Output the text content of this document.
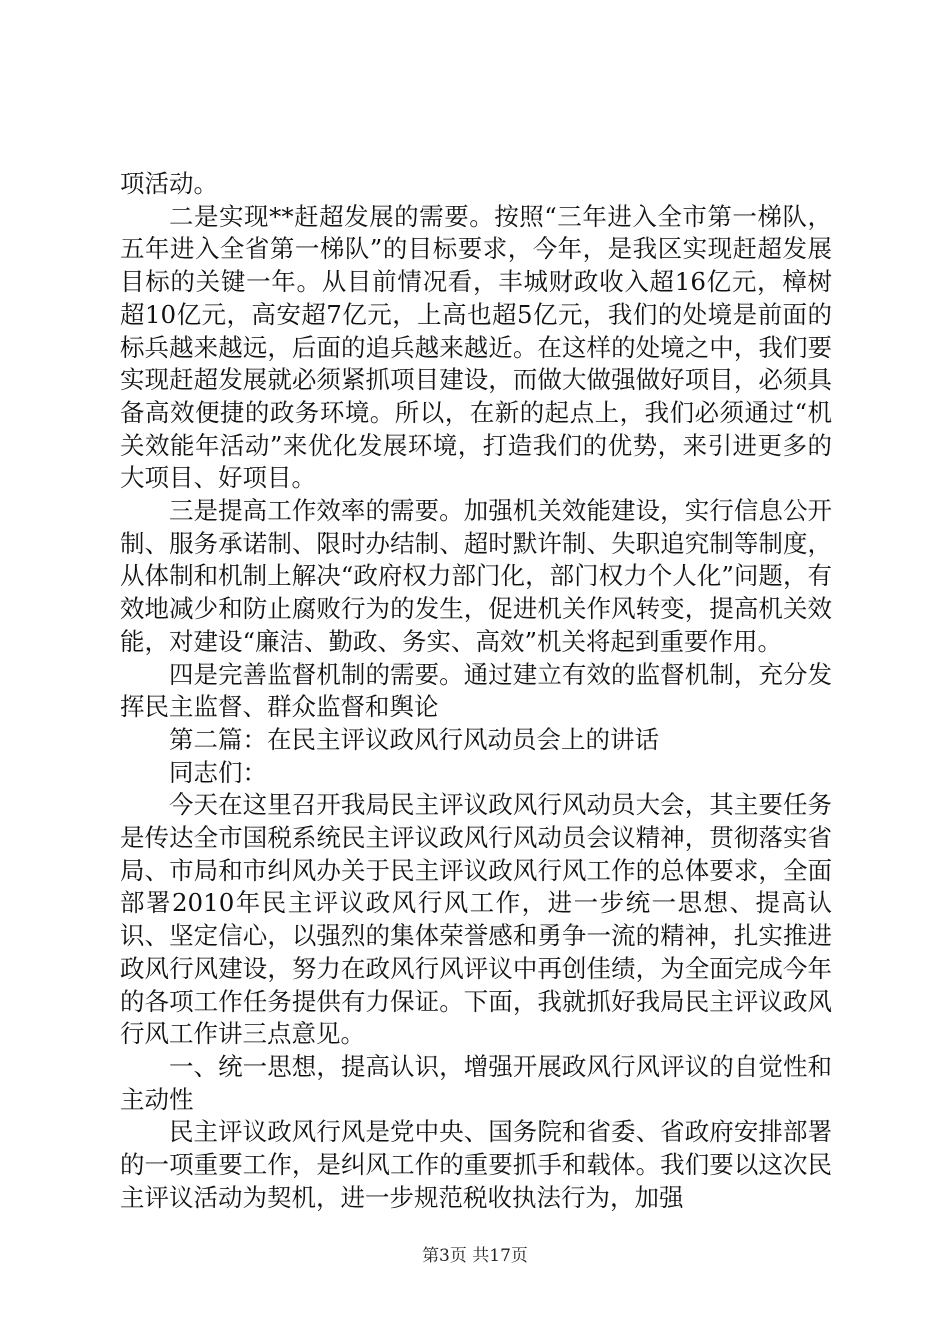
项活动。

二是实现**赶超发展的需要。按照“三年进入全市第一梯队，五年进入全省第一梯队”的目标要求，今年，是我区实现赶超发展目标的关键一年。从目前情况看，丰城财政收入超16亿元，樟树超10亿元，高安超7亿元，上高也超5亿元，我们的处境是前面的标兵越来越远，后面的追兵越来越近。在这样的处境之中，我们要实现赶超发展就必须紧抓项目建设，而做大做强做好项目，必须具备高效便捷的政务环境。所以，在新的起点上，我们必须通过“机关效能年活动”来优化发展环境，打造我们的优势，来引进更多的大项目、好项目。

三是提高工作效率的需要。加强机关效能建设，实行信息公开制、服务承诺制、限时办结制、超时默许制、失职追究制等制度，从体制和机制上解决“政府权力部门化，部门权力个人化”问题，有效地减少和防止腐败行为的发生，促进机关作风转变，提高机关效能，对建设“廉洁、勤政、务实、高效”机关将起到重要作用。

四是完善监督机制的需要。通过建立有效的监督机制，充分发挥民主监督、群众监督和舆论

第二篇：在民主评议政风行风动员会上的讲话

同志们：

今天在这里召开我局民主评议政风行风动员大会，其主要任务是传达全市国税系统民主评议政风行风动员会议精神，贯彻落实省局、市局和市纠风办关于民主评议政风行风工作的总体要求，全面部署2010年民主评议政风行风工作，进一步统一思想、提高认识、坚定信心，以强烈的集体荣誉感和勇争一流的精神，扎实推进政风行风建设，努力在政风行风评议中再创佳绩，为全面完成今年的各项工作任务提供有力保证。下面，我就抓好我局民主评议政风行风工作讲三点意见。

一、统一思想，提高认识，增强开展政风行风评议的自觉性和主动性

民主评议政风行风是党中央、国务院和省委、省政府安排部署的一项重要工作，是纠风工作的重要抓手和载体。我们要以这次民主评议活动为契机，进一步规范税收执法行为，加强

第3页 共17页
